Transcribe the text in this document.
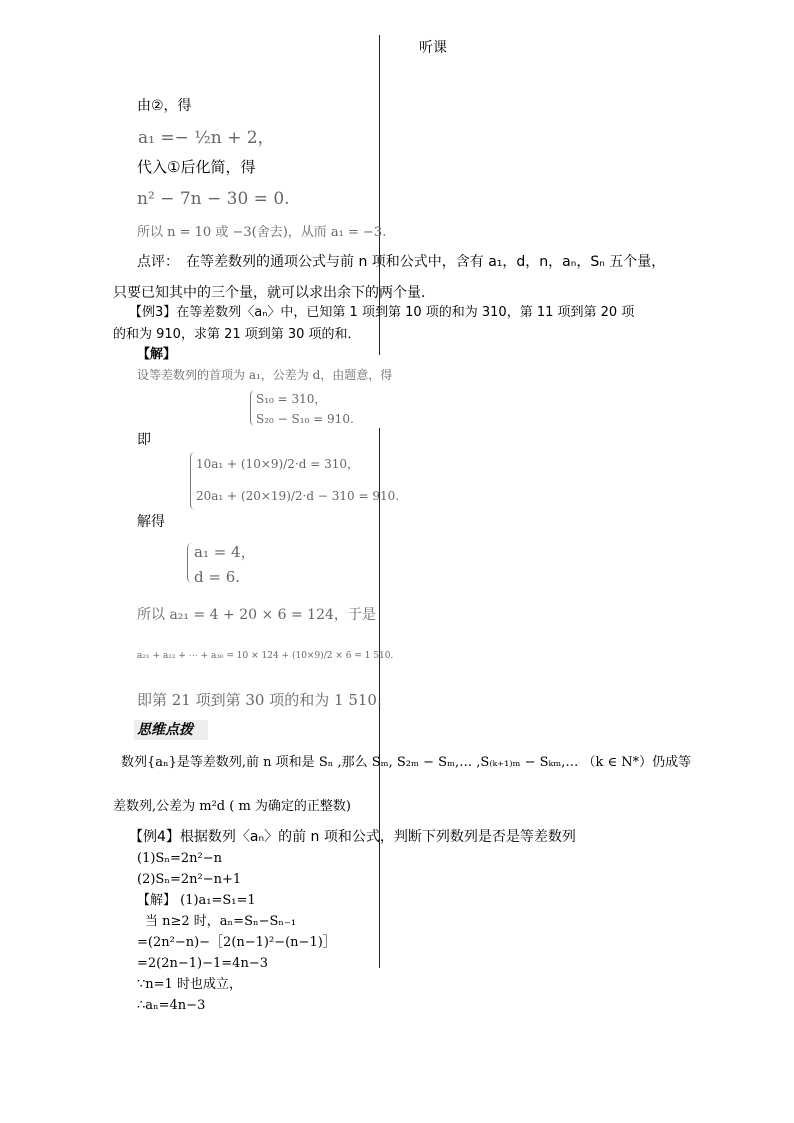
听课
由②，得
a₁ =− ½n + 2，
代入①后化简，得
n² − 7n − 30 = 0.
所以 n = 10 或 −3(舍去)，从而 a₁ = −3.
点评：　在等差数列的通项公式与前 n 项和公式中，含有 a₁，d，n，aₙ，Sₙ 五个量，
只要已知其中的三个量，就可以求出余下的两个量．
【例3】在等差数列〈aₙ〉中，已知第 1 项到第 10 项的和为 310，第 11 项到第 20 项
的和为 910，求第 21 项到第 30 项的和．
【解】
设等差数列的首项为 a₁，公差为 d，由题意，得
S₁₀ = 310，
S₂₀ − S₁₀ = 910.
即
10a₁ + (10×9)/2·d = 310，
20a₁ + (20×19)/2·d − 310 = 910.
解得
a₁ = 4，
d = 6.
所以 a₂₁ = 4 + 20 × 6 = 124，于是
a₂₁ + a₂₂ + ⋯ + a₃₀ = 10 × 124 + (10×9)/2 × 6 = 1 510.
即第 21 项到第 30 项的和为 1 510.
思维点拨
数列{aₙ}是等差数列,前 n 项和是 Sₙ ,那么 Sₘ, S₂ₘ − Sₘ,… ,S₍ₖ₊₁₎ₘ − Sₖₘ,… （k ∈ N*）仍成等
差数列,公差为 m²d ( m 为确定的正整数)
【例4】根据数列〈aₙ〉的前 n 项和公式，判断下列数列是否是等差数列
(1)Sₙ=2n²−n
(2)Sₙ=2n²−n+1
【解】 (1)a₁=S₁=1
当 n≥2 时，aₙ=Sₙ−Sₙ₋₁
=(2n²−n)−［2(n−1)²−(n−1)］
=2(2n−1)−1=4n−3
∵n=1 时也成立，
∴aₙ=4n−3
